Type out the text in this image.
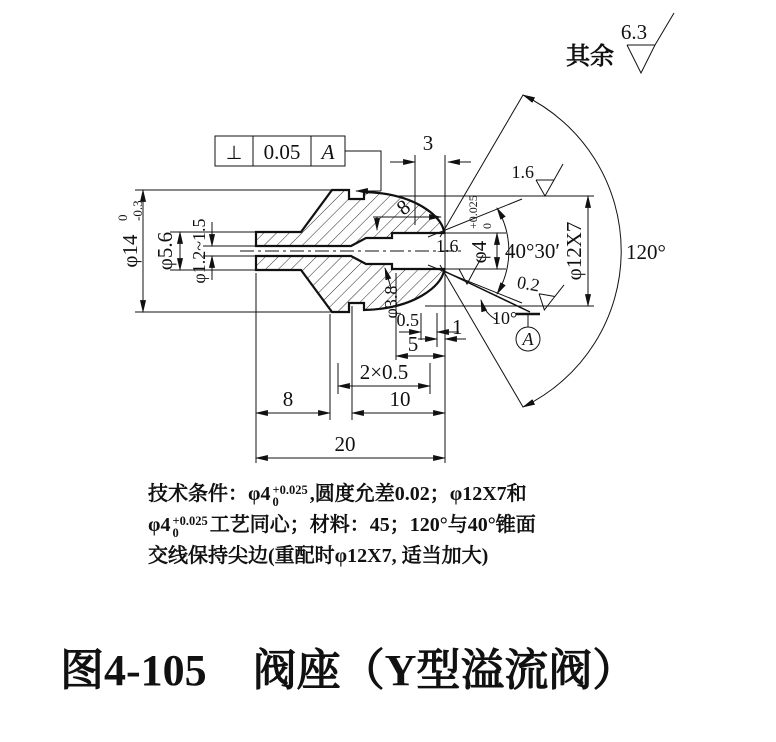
120°
40°30′
10°
A
φ14
0 -0.3
φ5.6 φ1.2~1.5
φ3.8
φ4
+0.025 0	φ12X7
3
8
0.5 1
5
2×0.5
8	10
20
⊥ 0.05 A
其余
6.3
1.6
1.6
0.2
技术条件：φ4 +0.025
0	,圆度允差0.02；φ12X7和
φ4 +0.025
0	工艺同心；材料：45；120°与40°锥面
交线保持尖边(重配时φ12X7, 适当加大)
图4-105 阀座（Y型溢流阀）
